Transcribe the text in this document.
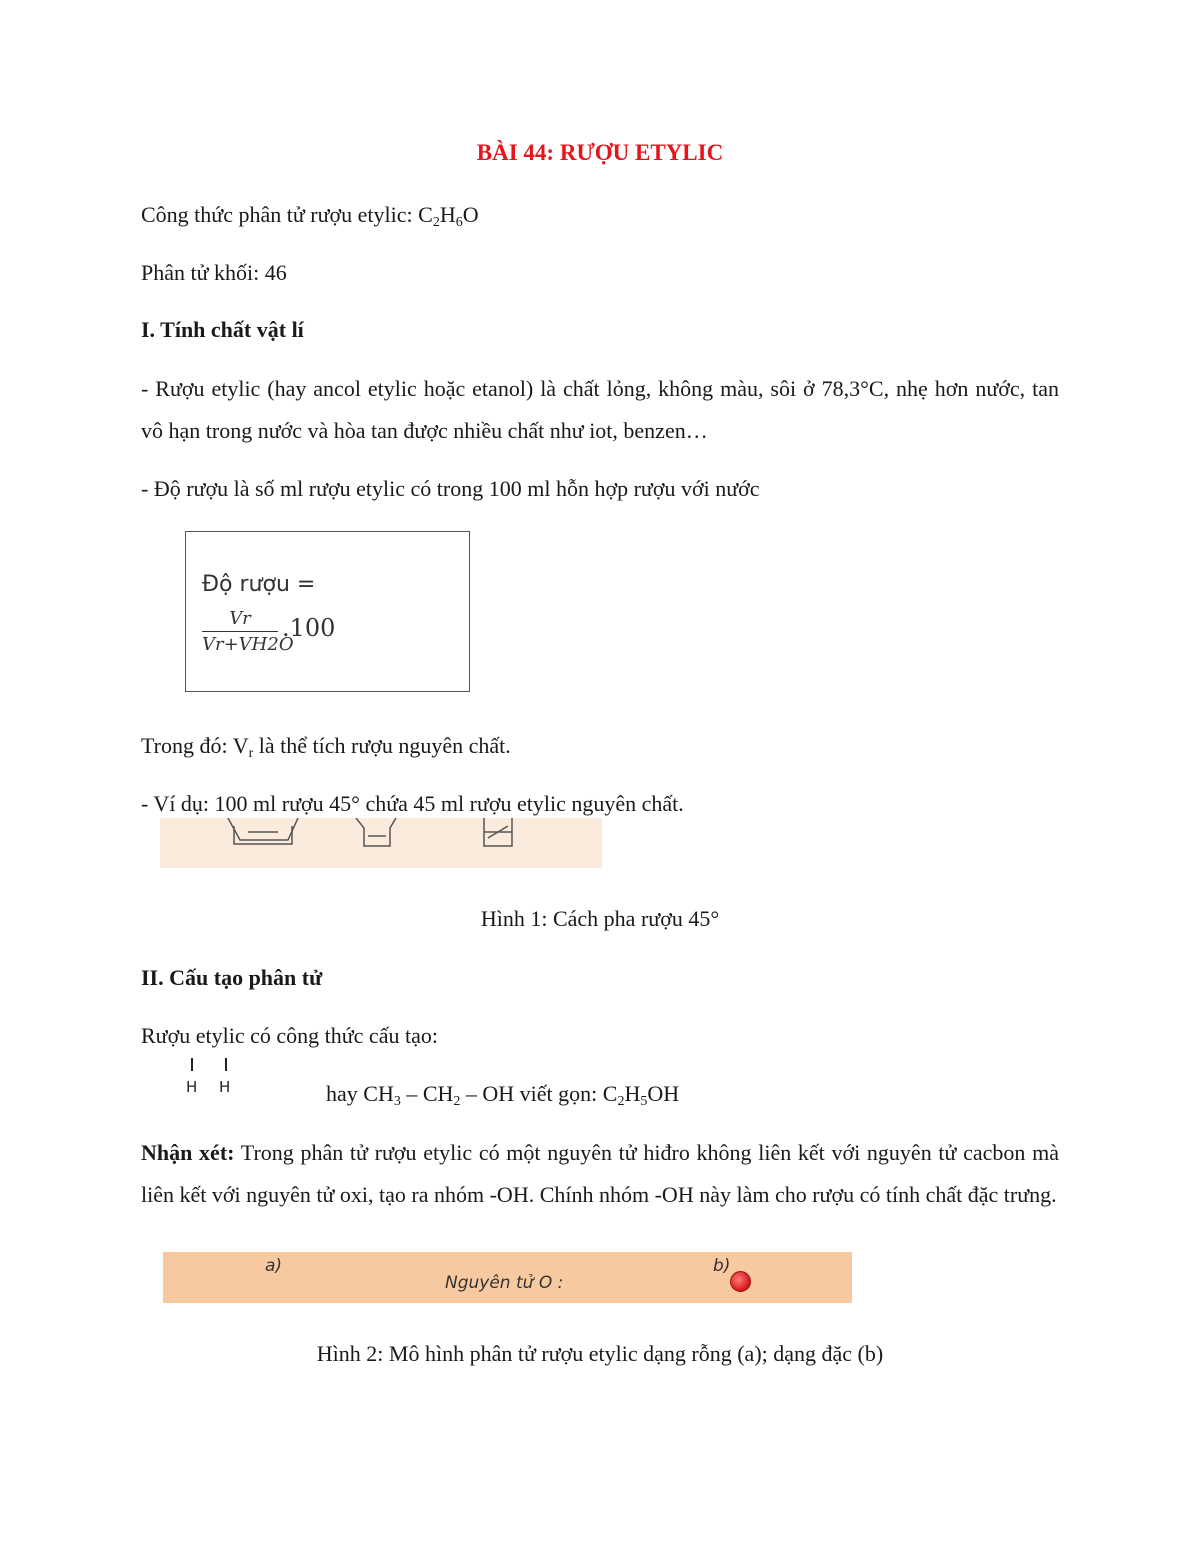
BÀI 44: RƯỢU ETYLIC

Công thức phân tử rượu etylic: $C_2H_6O$

Phân tử khối: 46

I. Tính chất vật lí

- Rượu etylic (hay ancol etylic hoặc etanol) là chất lỏng, không màu, sôi ở 78,3°C, nhẹ hơn nước, tan vô hạn trong nước và hòa tan được nhiều chất như iot, benzen…

- Độ rượu là số ml rượu etylic có trong 100 ml hỗn hợp rượu với nước

Độ rượu =
$\frac{Vr}{Vr+VH2O} .100$

Trong đó: $V_r$ là thể tích rượu nguyên chất.

- Ví dụ: 100 ml rượu 45° chứa 45 ml rượu etylic nguyên chất.

Hình 1: Cách pha rượu 45°

II. Cấu tạo phân tử

Rượu etylic có công thức cấu tạo:

H H	hay $CH_3 - CH_2$ – OH viết gọn: $C_2H_5OH$

Nhận xét: Trong phân tử rượu etylic có một nguyên tử hiđro không liên kết với nguyên tử cacbon mà liên kết với nguyên tử oxi, tạo ra nhóm -OH. Chính nhóm -OH này làm cho rượu có tính chất đặc trưng.

a)	b)
Nguyên tử O :

Hình 2: Mô hình phân tử rượu etylic dạng rỗng (a); dạng đặc (b)
